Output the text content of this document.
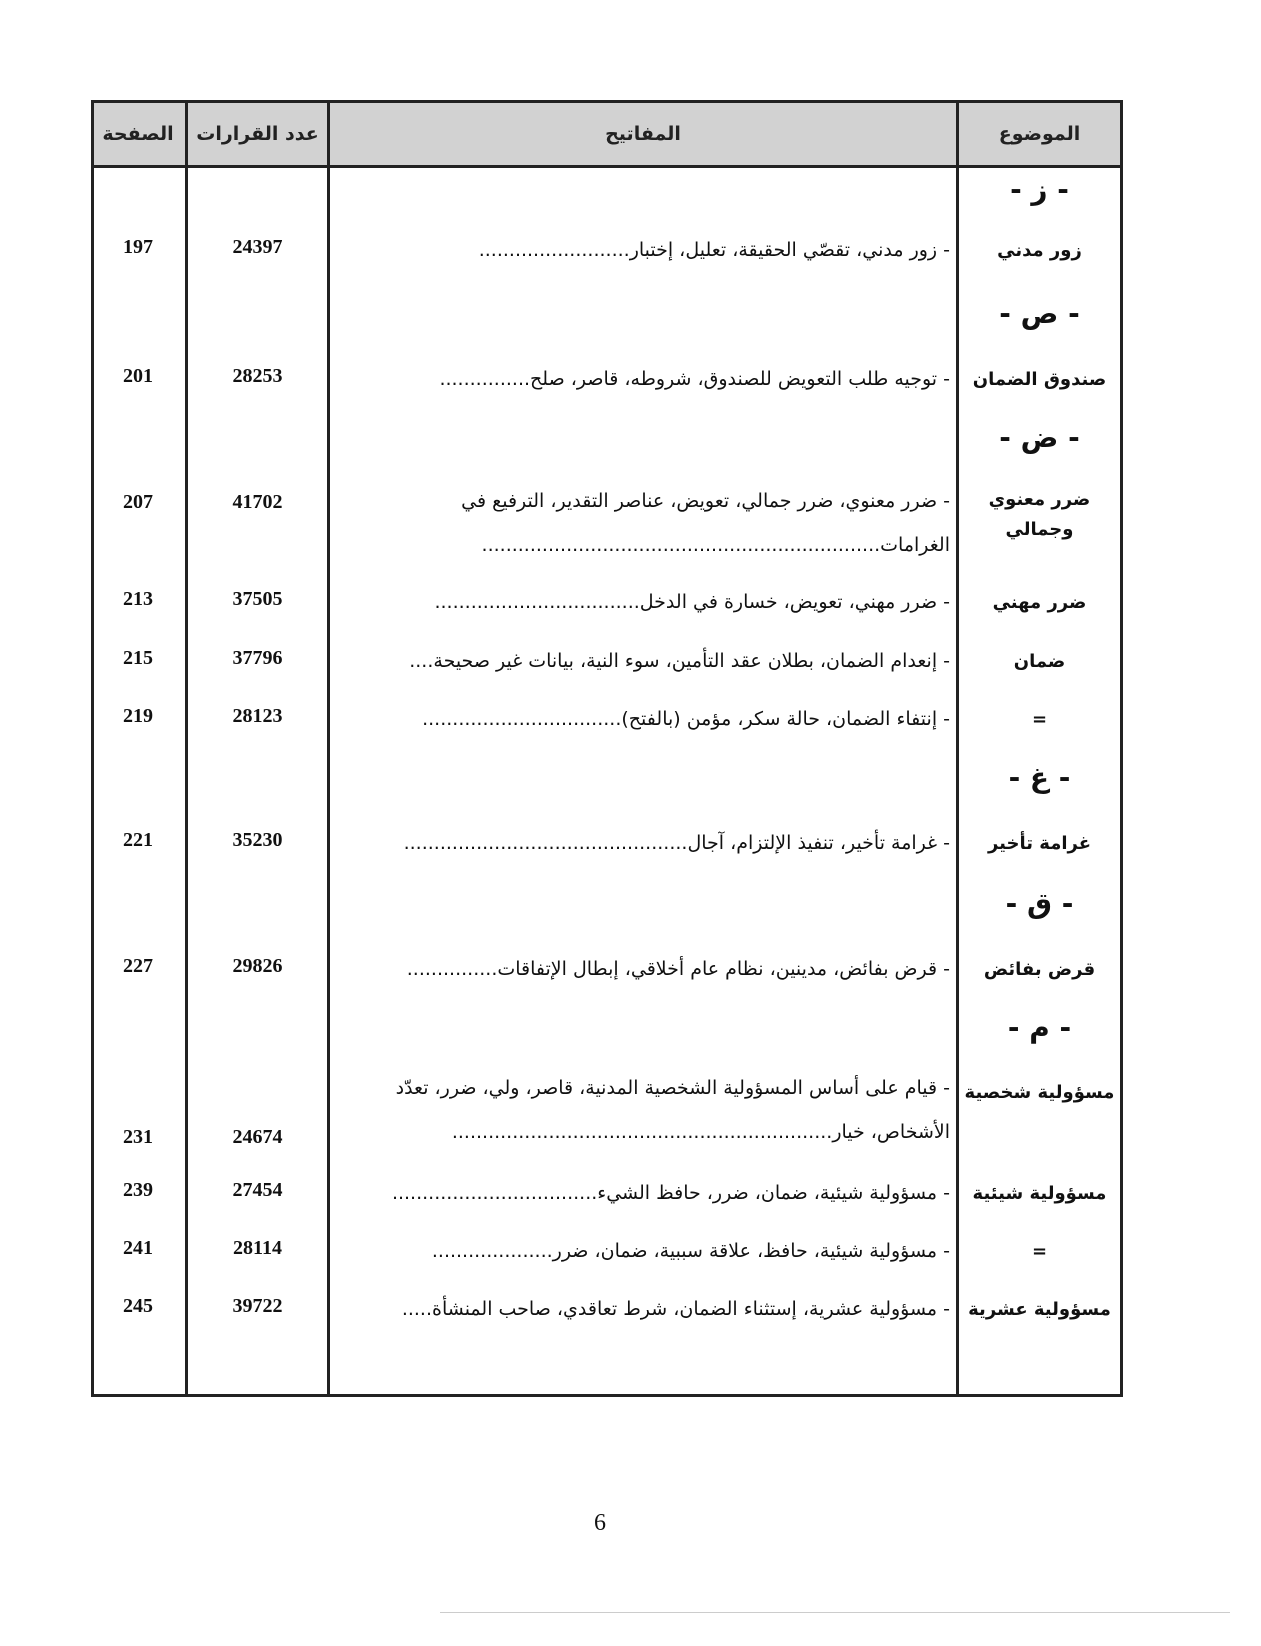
الموضوع
المفاتيح
عدد القرارات
الصفحة
- ز -
زور مدني
- زور مدني، تقصّي الحقيقة، تعليل، إختبار.........................
24397
197
- ص -
صندوق الضمان
- توجيه طلب التعويض للصندوق، شروطه، قاصر، صلح...............
28253
201
- ض -
ضرر معنوي وجمالي
- ضرر معنوي، ضرر جمالي، تعويض، عناصر التقدير، الترفيع في الغرامات..................................................................
41702
207
ضرر مهني
- ضرر مهني، تعويض، خسارة في الدخل..................................
37505
213
ضمان
- إنعدام الضمان، بطلان عقد التأمين، سوء النية، بيانات غير صحيحة....
37796
215
=
- إنتفاء الضمان، حالة سكر، مؤمن (بالفتح).................................
28123
219
- غ -
غرامة تأخير
- غرامة تأخير، تنفيذ الإلتزام، آجال...............................................
35230
221
- ق -
قرض بفائض
- قرض بفائض، مدينين، نظام عام أخلاقي، إبطال الإتفاقات...............
29826
227
- م -
مسؤولية شخصية
- قيام على أساس المسؤولية الشخصية المدنية، قاصر، ولي، ضرر، تعدّد الأشخاص، خيار...............................................................
24674
231
مسؤولية شيئية
- مسؤولية شيئية، ضمان، ضرر، حافظ الشيء..................................
27454
239
=
- مسؤولية شيئية، حافظ، علاقة سببية، ضمان، ضرر....................
28114
241
مسؤولية عشرية
- مسؤولية عشرية، إستثناء الضمان، شرط تعاقدي، صاحب المنشأة.....
39722
245
6
